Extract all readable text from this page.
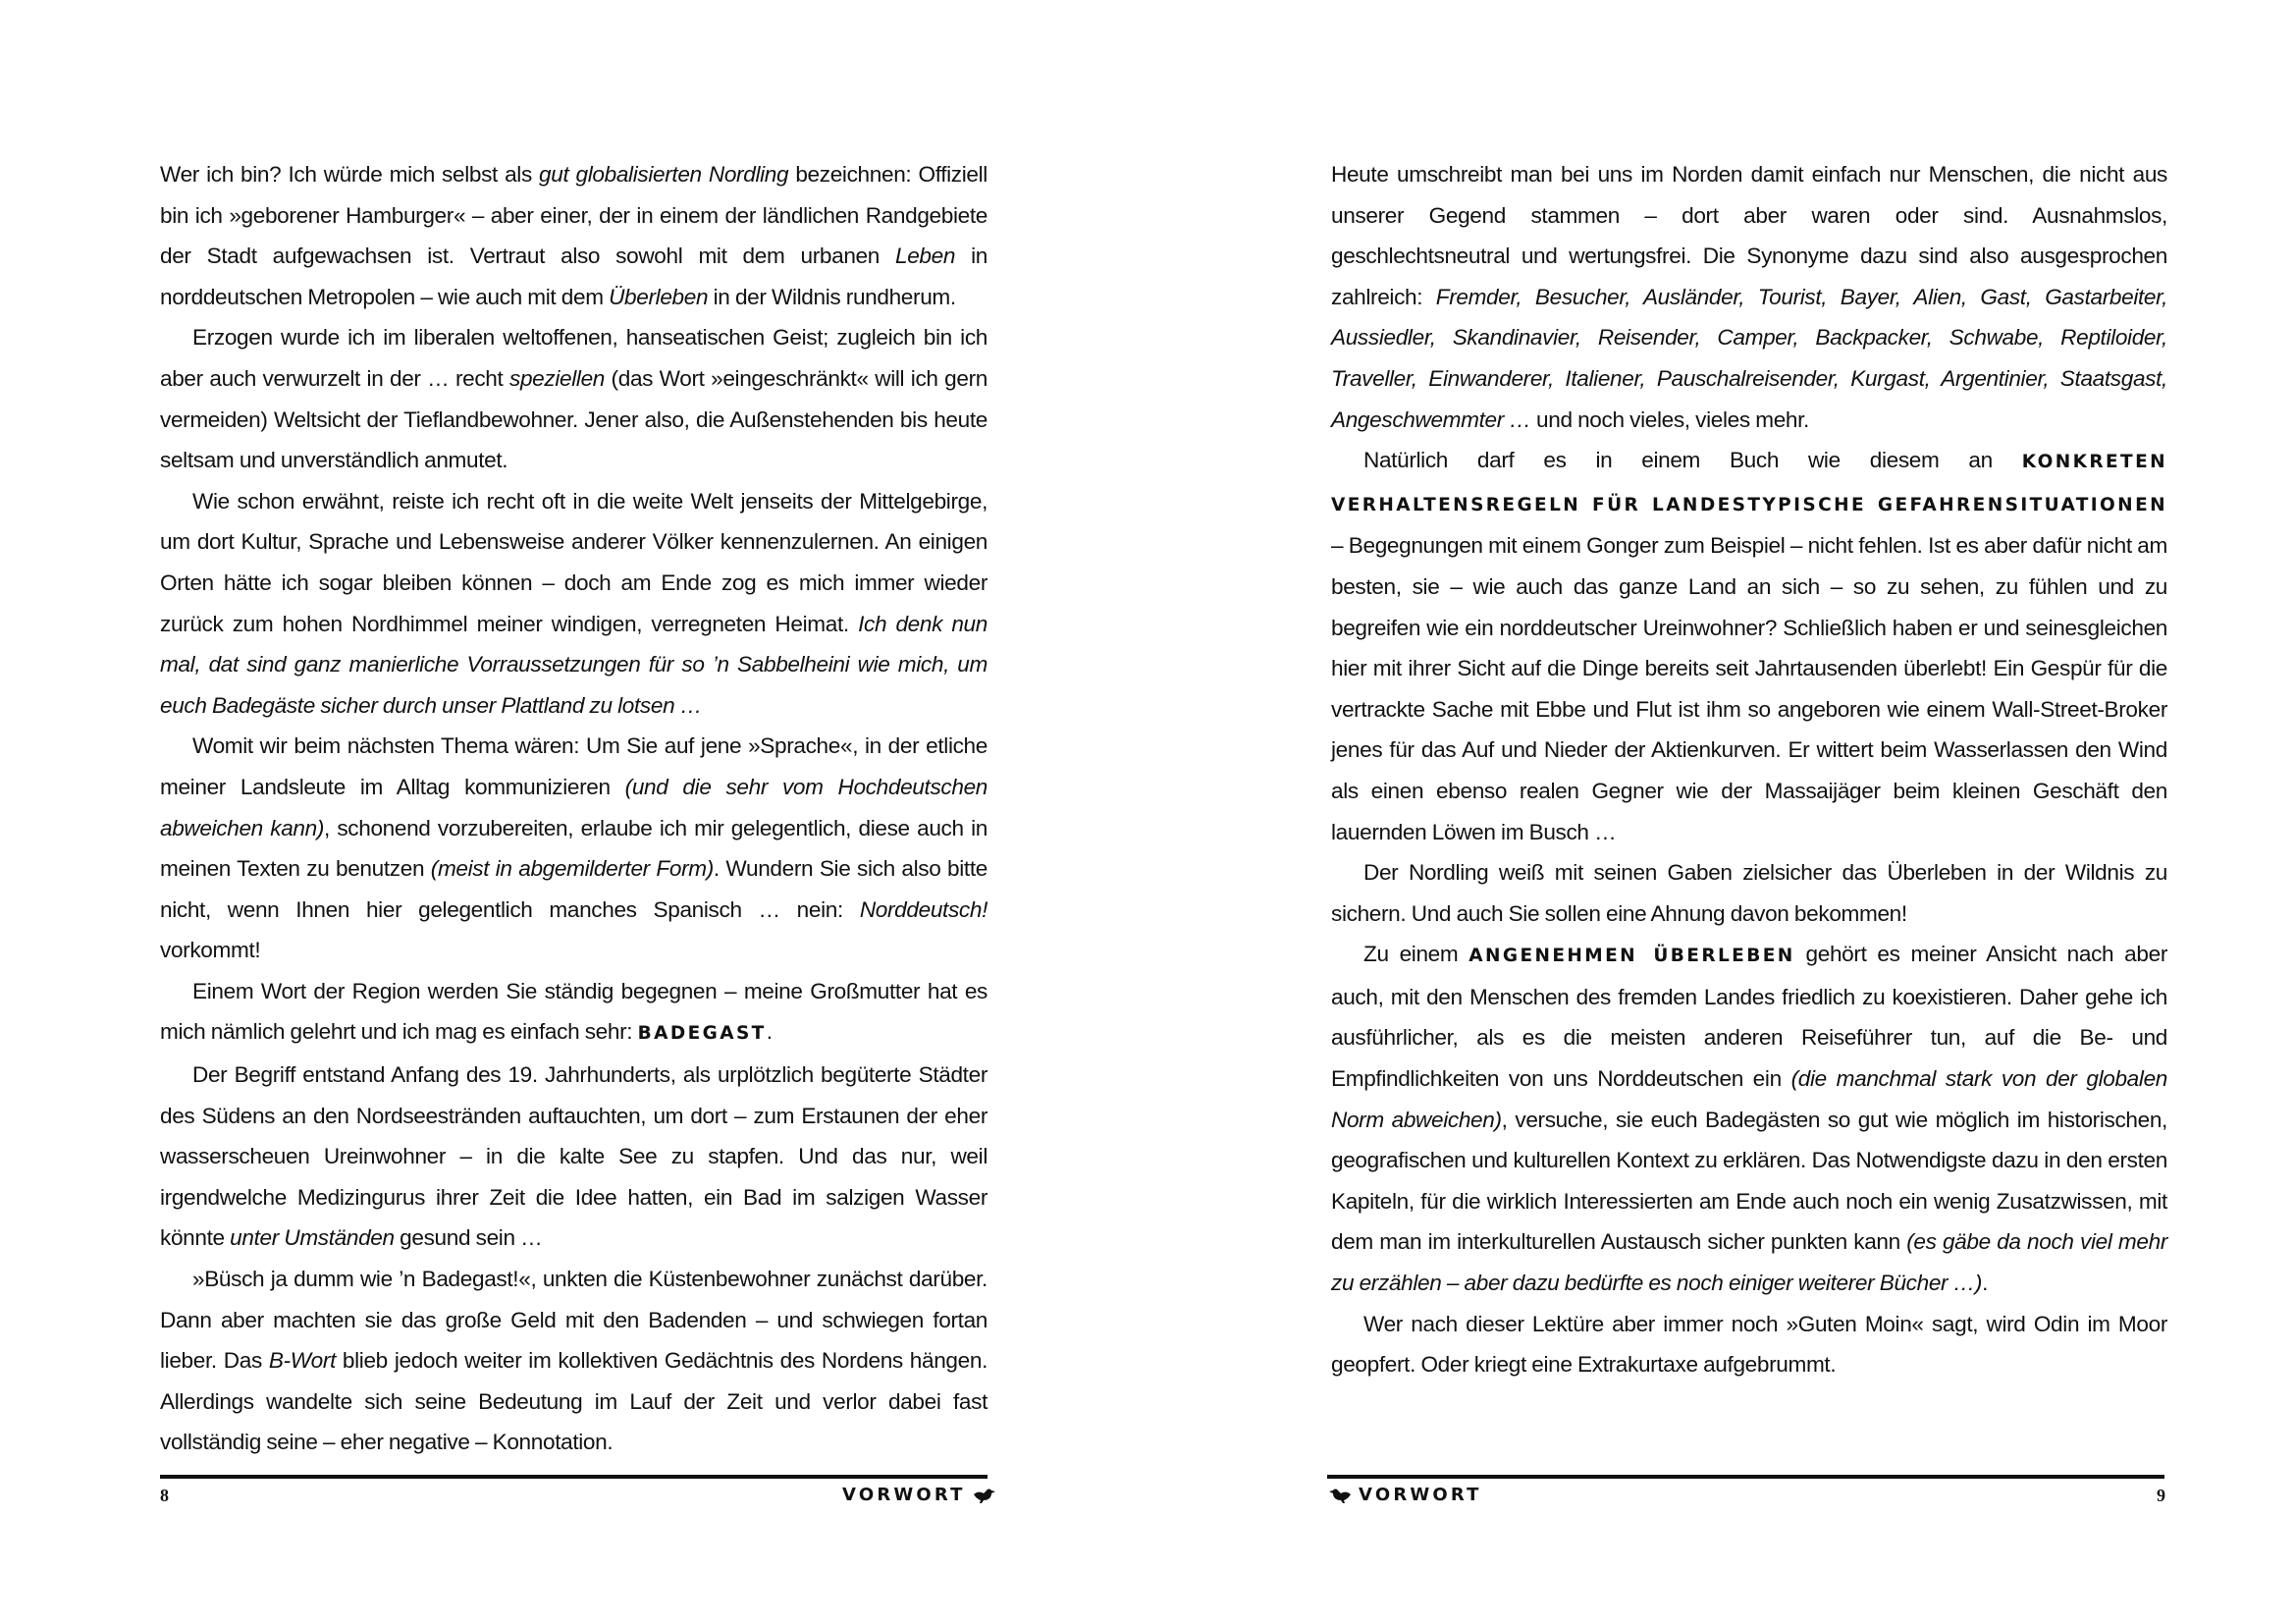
Wer ich bin? Ich würde mich selbst als gut globalisierten Nordling bezeichnen: Offiziell bin ich »geborener Hamburger« – aber einer, der in einem der ländlichen Randgebiete der Stadt aufgewachsen ist. Vertraut also sowohl mit dem urbanen Leben in norddeutschen Metropolen – wie auch mit dem Überleben in der Wildnis rundherum.

Erzogen wurde ich im liberalen weltoffenen, hanseatischen Geist; zugleich bin ich aber auch verwurzelt in der … recht speziellen (das Wort »eingeschränkt« will ich gern vermeiden) Weltsicht der Tieflandbewohner. Jener also, die Außenstehenden bis heute seltsam und unverständlich anmutet.

Wie schon erwähnt, reiste ich recht oft in die weite Welt jenseits der Mittelgebirge, um dort Kultur, Sprache und Lebensweise anderer Völker kennenzulernen. An einigen Orten hätte ich sogar bleiben können – doch am Ende zog es mich immer wieder zurück zum hohen Nordhimmel meiner windigen, verregneten Heimat. Ich denk nun mal, dat sind ganz manierliche Vorraussetzungen für so ’n Sabbelheini wie mich, um euch Badegäste sicher durch unser Plattland zu lotsen …

Womit wir beim nächsten Thema wären: Um Sie auf jene »Sprache«, in der etliche meiner Landsleute im Alltag kommunizieren (und die sehr vom Hochdeutschen abweichen kann), schonend vorzubereiten, erlaube ich mir gelegentlich, diese auch in meinen Texten zu benutzen (meist in abgemilderter Form). Wundern Sie sich also bitte nicht, wenn Ihnen hier gelegentlich manches Spanisch … nein: Norddeutsch! vorkommt!

Einem Wort der Region werden Sie ständig begegnen – meine Großmutter hat es mich nämlich gelehrt und ich mag es einfach sehr: BADEGAST.

Der Begriff entstand Anfang des 19. Jahrhunderts, als urplötzlich begüterte Städter des Südens an den Nordseestränden auftauchten, um dort – zum Erstaunen der eher wasserscheuen Ureinwohner – in die kalte See zu stapfen. Und das nur, weil irgendwelche Medizingurus ihrer Zeit die Idee hatten, ein Bad im salzigen Wasser könnte unter Umständen gesund sein …

»Büsch ja dumm wie ’n Badegast!«, unkten die Küstenbewohner zunächst darüber. Dann aber machten sie das große Geld mit den Badenden – und schwiegen fortan lieber. Das B-Wort blieb jedoch weiter im kollektiven Gedächtnis des Nordens hängen. Allerdings wandelte sich seine Bedeutung im Lauf der Zeit und verlor dabei fast vollständig seine – eher negative – Konnotation.

8	VORWORT

Heute umschreibt man bei uns im Norden damit einfach nur Menschen, die nicht aus unserer Gegend stammen – dort aber waren oder sind. Ausnahmslos, geschlechtsneutral und wertungsfrei. Die Synonyme dazu sind also ausgesprochen zahlreich: Fremder, Besucher, Ausländer, Tourist, Bayer, Alien, Gast, Gastarbeiter, Aussiedler, Skandinavier, Reisender, Camper, Backpacker, Schwabe, Reptiloider, Traveller, Einwanderer, Italiener, Pauschalreisender, Kurgast, Argentinier, Staatsgast, Angeschwemmter … und noch vieles, vieles mehr.

Natürlich darf es in einem Buch wie diesem an KONKRETEN VERHALTENSREGELN FÜR LANDESTYPISCHE GEFAHRENSITUATIONEN – Begegnungen mit einem Gonger zum Beispiel – nicht fehlen. Ist es aber dafür nicht am besten, sie – wie auch das ganze Land an sich – so zu sehen, zu fühlen und zu begreifen wie ein norddeutscher Ureinwohner? Schließlich haben er und seinesgleichen hier mit ihrer Sicht auf die Dinge bereits seit Jahrtausenden überlebt! Ein Gespür für die vertrackte Sache mit Ebbe und Flut ist ihm so angeboren wie einem Wall-Street-Broker jenes für das Auf und Nieder der Aktienkurven. Er wittert beim Wasserlassen den Wind als einen ebenso realen Gegner wie der Massaijäger beim kleinen Geschäft den lauernden Löwen im Busch …

Der Nordling weiß mit seinen Gaben zielsicher das Überleben in der Wildnis zu sichern. Und auch Sie sollen eine Ahnung davon bekommen!

Zu einem ANGENEHMEN ÜBERLEBEN gehört es meiner Ansicht nach aber auch, mit den Menschen des fremden Landes friedlich zu koexistieren. Daher gehe ich ausführlicher, als es die meisten anderen Reiseführer tun, auf die Be- und Empfindlichkeiten von uns Norddeutschen ein (die manchmal stark von der globalen Norm abweichen), versuche, sie euch Badegästen so gut wie möglich im historischen, geografischen und kulturellen Kontext zu erklären. Das Notwendigste dazu in den ersten Kapiteln, für die wirklich Interessierten am Ende auch noch ein wenig Zusatzwissen, mit dem man im interkulturellen Austausch sicher punkten kann (es gäbe da noch viel mehr zu erzählen – aber dazu bedürfte es noch einiger weiterer Bücher …).

Wer nach dieser Lektüre aber immer noch »Guten Moin« sagt, wird Odin im Moor geopfert. Oder kriegt eine Extrakurtaxe aufgebrummt.

VORWORT	9
